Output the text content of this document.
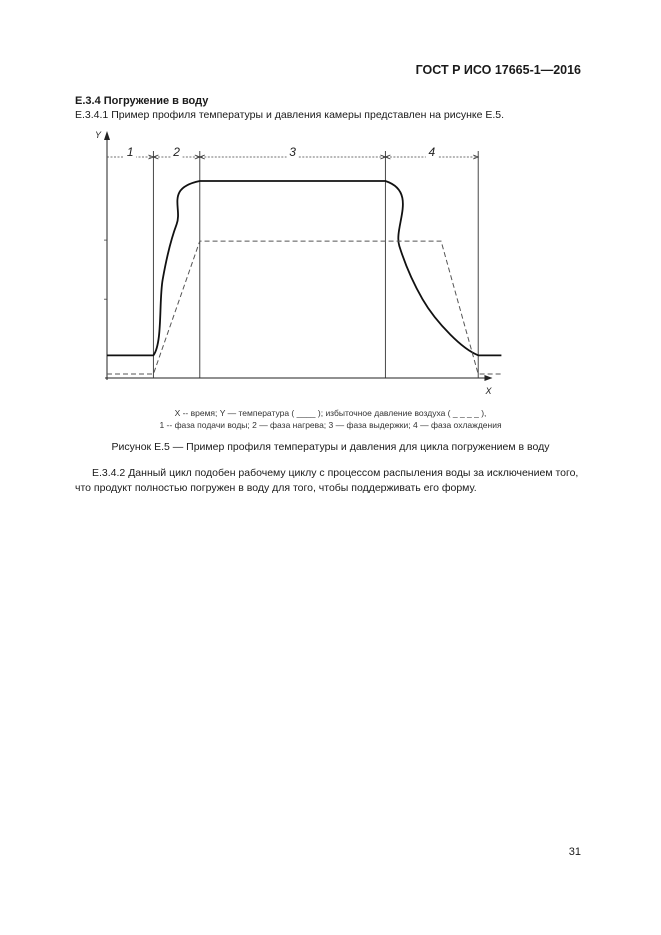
ГОСТ Р ИСО 17665-1—2016
Е.3.4 Погружение в воду
Е.3.4.1 Пример профиля температуры и давления камеры представлен на рисунке Е.5.
Y
X
1	2	3	4
X -- время; Y — температура ( ____ ); избыточное давление воздуха ( _ _ _ _ ),
1 -- фаза подачи воды; 2 — фаза нагрева; 3 — фаза выдержки; 4 — фаза охлаждения
Рисунок Е.5 — Пример профиля температуры и давления для цикла погружением в воду
Е.3.4.2 Данный цикл подобен рабочему циклу с процессом распыления воды за исключением того, что продукт полностью погружен в воду для того, чтобы поддерживать его форму.
31
